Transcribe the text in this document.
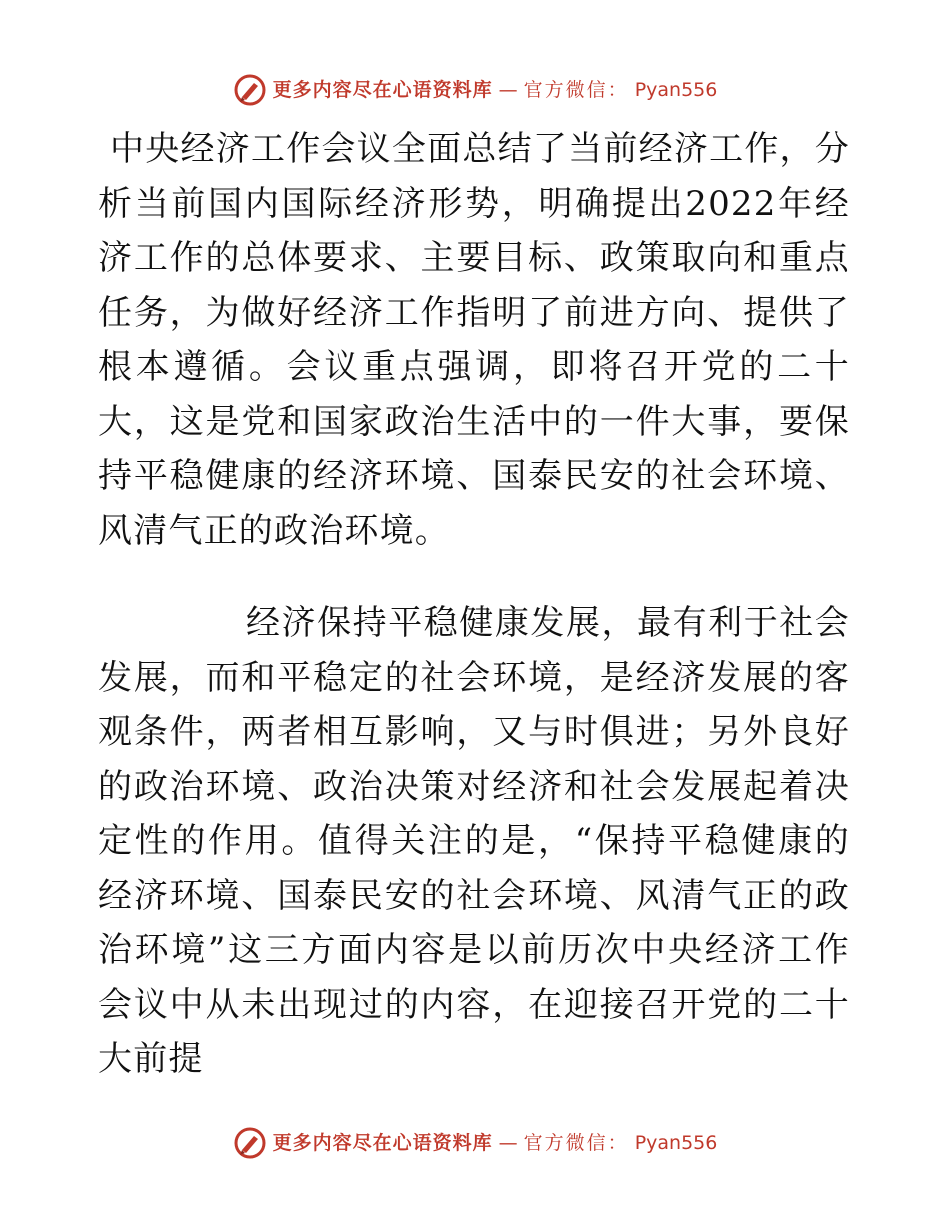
更多内容尽在心语资料库 — 官方微信： Pyan556

中央经济工作会议全面总结了当前经济工作，分析当前国内国际经济形势，明确提出2022年经济工作的总体要求、主要目标、政策取向和重点任务，为做好经济工作指明了前进方向、提供了根本遵循。会议重点强调，即将召开党的二十大，这是党和国家政治生活中的一件大事，要保持平稳健康的经济环境、国泰民安的社会环境、风清气正的政治环境。

经济保持平稳健康发展，最有利于社会发展，而和平稳定的社会环境，是经济发展的客观条件，两者相互影响，又与时俱进；另外良好的政治环境、政治决策对经济和社会发展起着决定性的作用。值得关注的是，“保持平稳健康的经济环境、国泰民安的社会环境、风清气正的政治环境”这三方面内容是以前历次中央经济工作会议中从未出现过的内容，在迎接召开党的二十大前提

更多内容尽在心语资料库 — 官方微信： Pyan556
